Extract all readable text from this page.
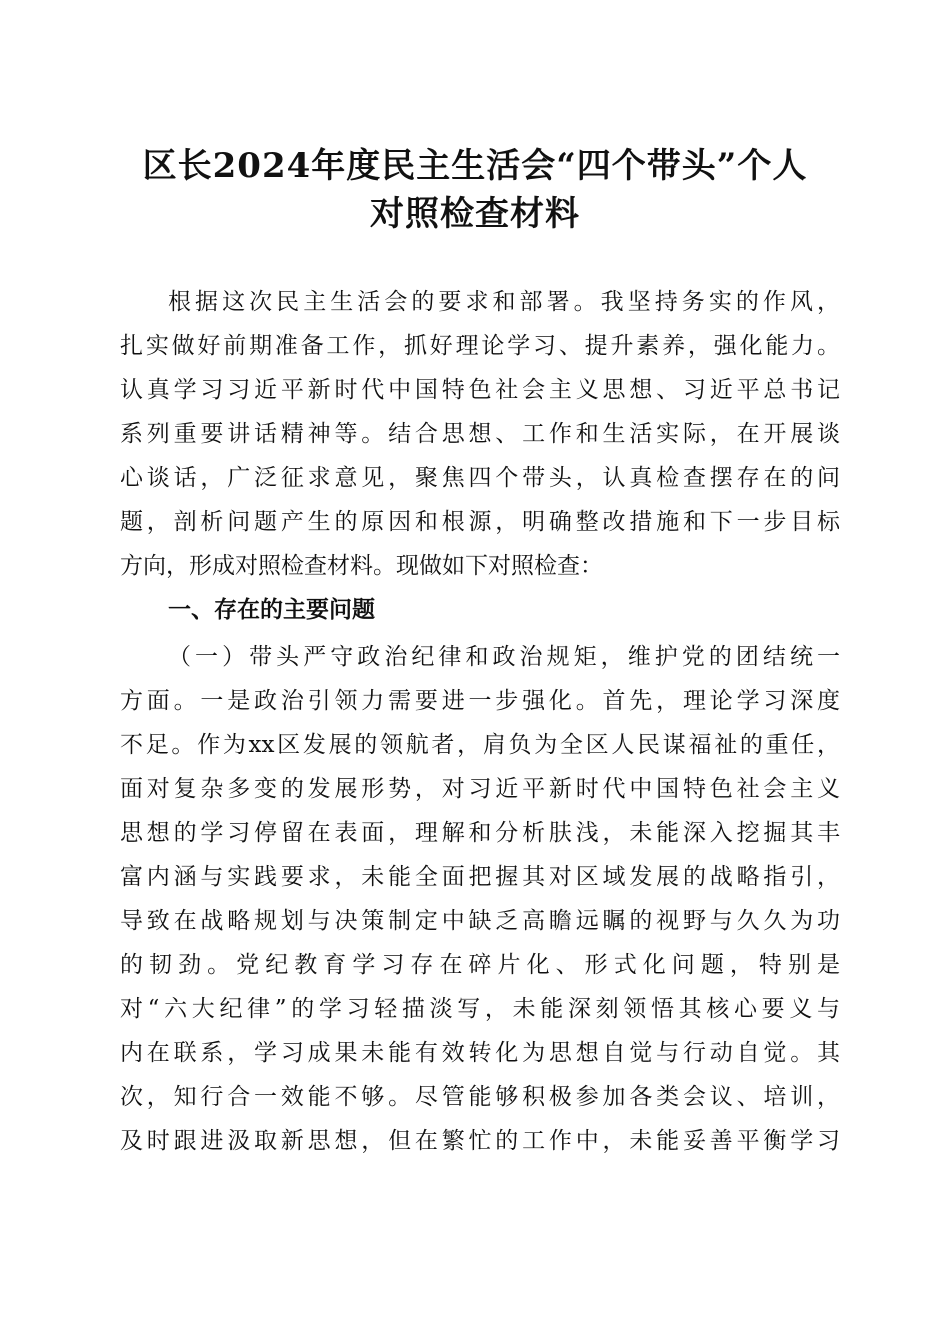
区长2024年度民主生活会“四个带头”个人
对照检查材料
根据这次民主生活会的要求和部署。我坚持务实的作风，
扎实做好前期准备工作，抓好理论学习、提升素养，强化能力。
认真学习习近平新时代中国特色社会主义思想、习近平总书记
系列重要讲话精神等。结合思想、工作和生活实际，在开展谈
心谈话，广泛征求意见，聚焦四个带头，认真检查摆存在的问
题，剖析问题产生的原因和根源，明确整改措施和下一步目标
方向，形成对照检查材料。现做如下对照检查：
一、存在的主要问题
（一）带头严守政治纪律和政治规矩，维护党的团结统一
方面。一是政治引领力需要进一步强化。首先，理论学习深度
不足。作为xx区发展的领航者，肩负为全区人民谋福祉的重任，
面对复杂多变的发展形势，对习近平新时代中国特色社会主义
思想的学习停留在表面，理解和分析肤浅，未能深入挖掘其丰
富内涵与实践要求，未能全面把握其对区域发展的战略指引，
导致在战略规划与决策制定中缺乏高瞻远瞩的视野与久久为功
的韧劲。党纪教育学习存在碎片化、形式化问题，特别是
对“六大纪律”的学习轻描淡写，未能深刻领悟其核心要义与
内在联系，学习成果未能有效转化为思想自觉与行动自觉。其
次，知行合一效能不够。尽管能够积极参加各类会议、培训，
及时跟进汲取新思想，但在繁忙的工作中，未能妥善平衡学习
